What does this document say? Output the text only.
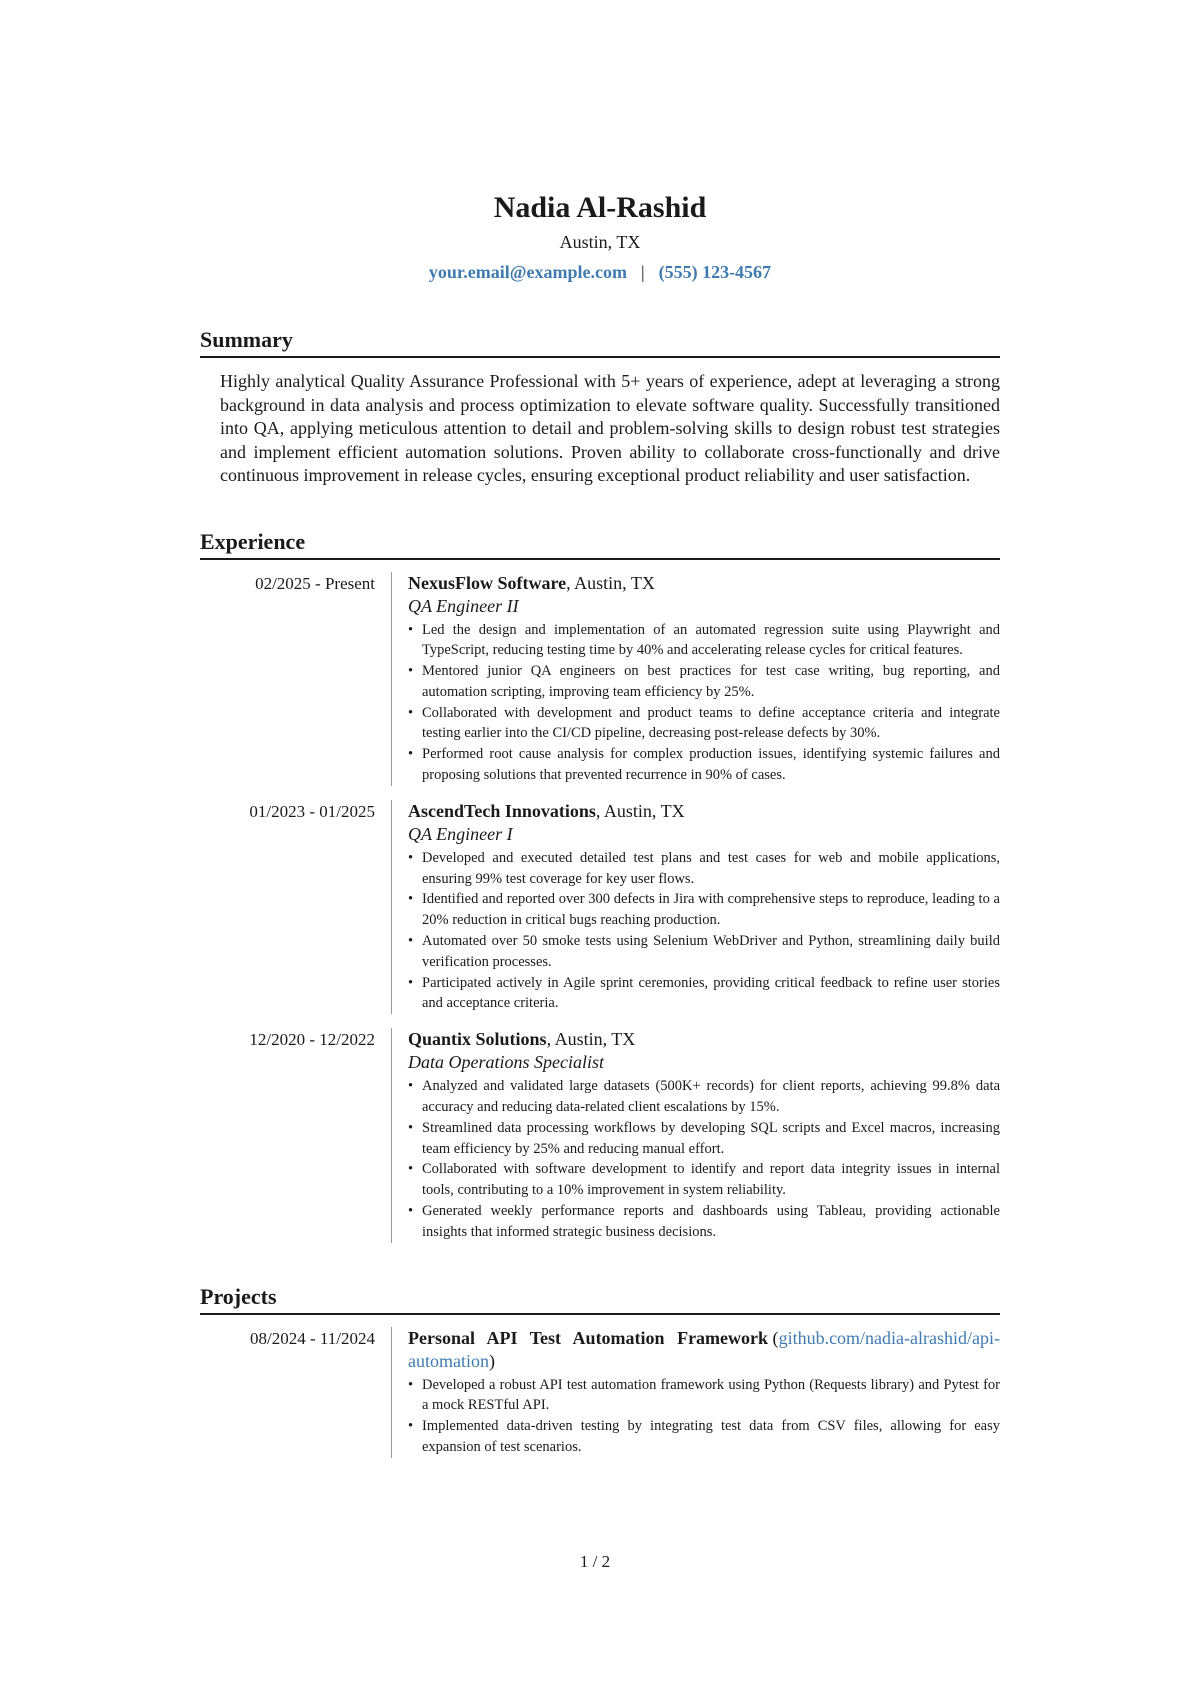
Nadia Al-Rashid
Austin, TX
your.email@example.com | (555) 123-4567
Summary
Highly analytical Quality Assurance Professional with 5+ years of experience, adept at leveraging a strong background in data analysis and process optimization to elevate software quality. Successfully transitioned into QA, applying meticulous attention to detail and problem-solving skills to design robust test strategies and implement efficient automation solutions. Proven ability to collaborate cross-functionally and drive continuous improvement in release cycles, ensuring exceptional product reliability and user satisfaction.
Experience
02/2025 - Present	NexusFlow Software, Austin, TX
QA Engineer II
• Led the design and implementation of an automated regression suite using Playwright and TypeScript, reducing testing time by 40% and accelerating release cycles for critical features.
• Mentored junior QA engineers on best practices for test case writing, bug reporting, and automation scripting, improving team efficiency by 25%.
• Collaborated with development and product teams to define acceptance criteria and integrate testing earlier into the CI/CD pipeline, decreasing post-release defects by 30%.
• Performed root cause analysis for complex production issues, identifying systemic failures and proposing solutions that prevented recurrence in 90% of cases.
01/2023 - 01/2025	AscendTech Innovations, Austin, TX
QA Engineer I
• Developed and executed detailed test plans and test cases for web and mobile applications, ensuring 99% test coverage for key user flows.
• Identified and reported over 300 defects in Jira with comprehensive steps to reproduce, leading to a 20% reduction in critical bugs reaching production.
• Automated over 50 smoke tests using Selenium WebDriver and Python, streamlining daily build verification processes.
• Participated actively in Agile sprint ceremonies, providing critical feedback to refine user stories and acceptance criteria.
12/2020 - 12/2022	Quantix Solutions, Austin, TX
Data Operations Specialist
• Analyzed and validated large datasets (500K+ records) for client reports, achieving 99.8% data accuracy and reducing data-related client escalations by 15%.
• Streamlined data processing workflows by developing SQL scripts and Excel macros, increasing team efficiency by 25% and reducing manual effort.
• Collaborated with software development to identify and report data integrity issues in internal tools, contributing to a 10% improvement in system reliability.
• Generated weekly performance reports and dashboards using Tableau, providing actionable insights that informed strategic business decisions.
Projects
08/2024 - 11/2024	Personal API Test Automation Framework (github.com/nadia-alrashid/api-automation)
• Developed a robust API test automation framework using Python (Requests library) and Pytest for a mock RESTful API.
• Implemented data-driven testing by integrating test data from CSV files, allowing for easy expansion of test scenarios.
1 / 2
